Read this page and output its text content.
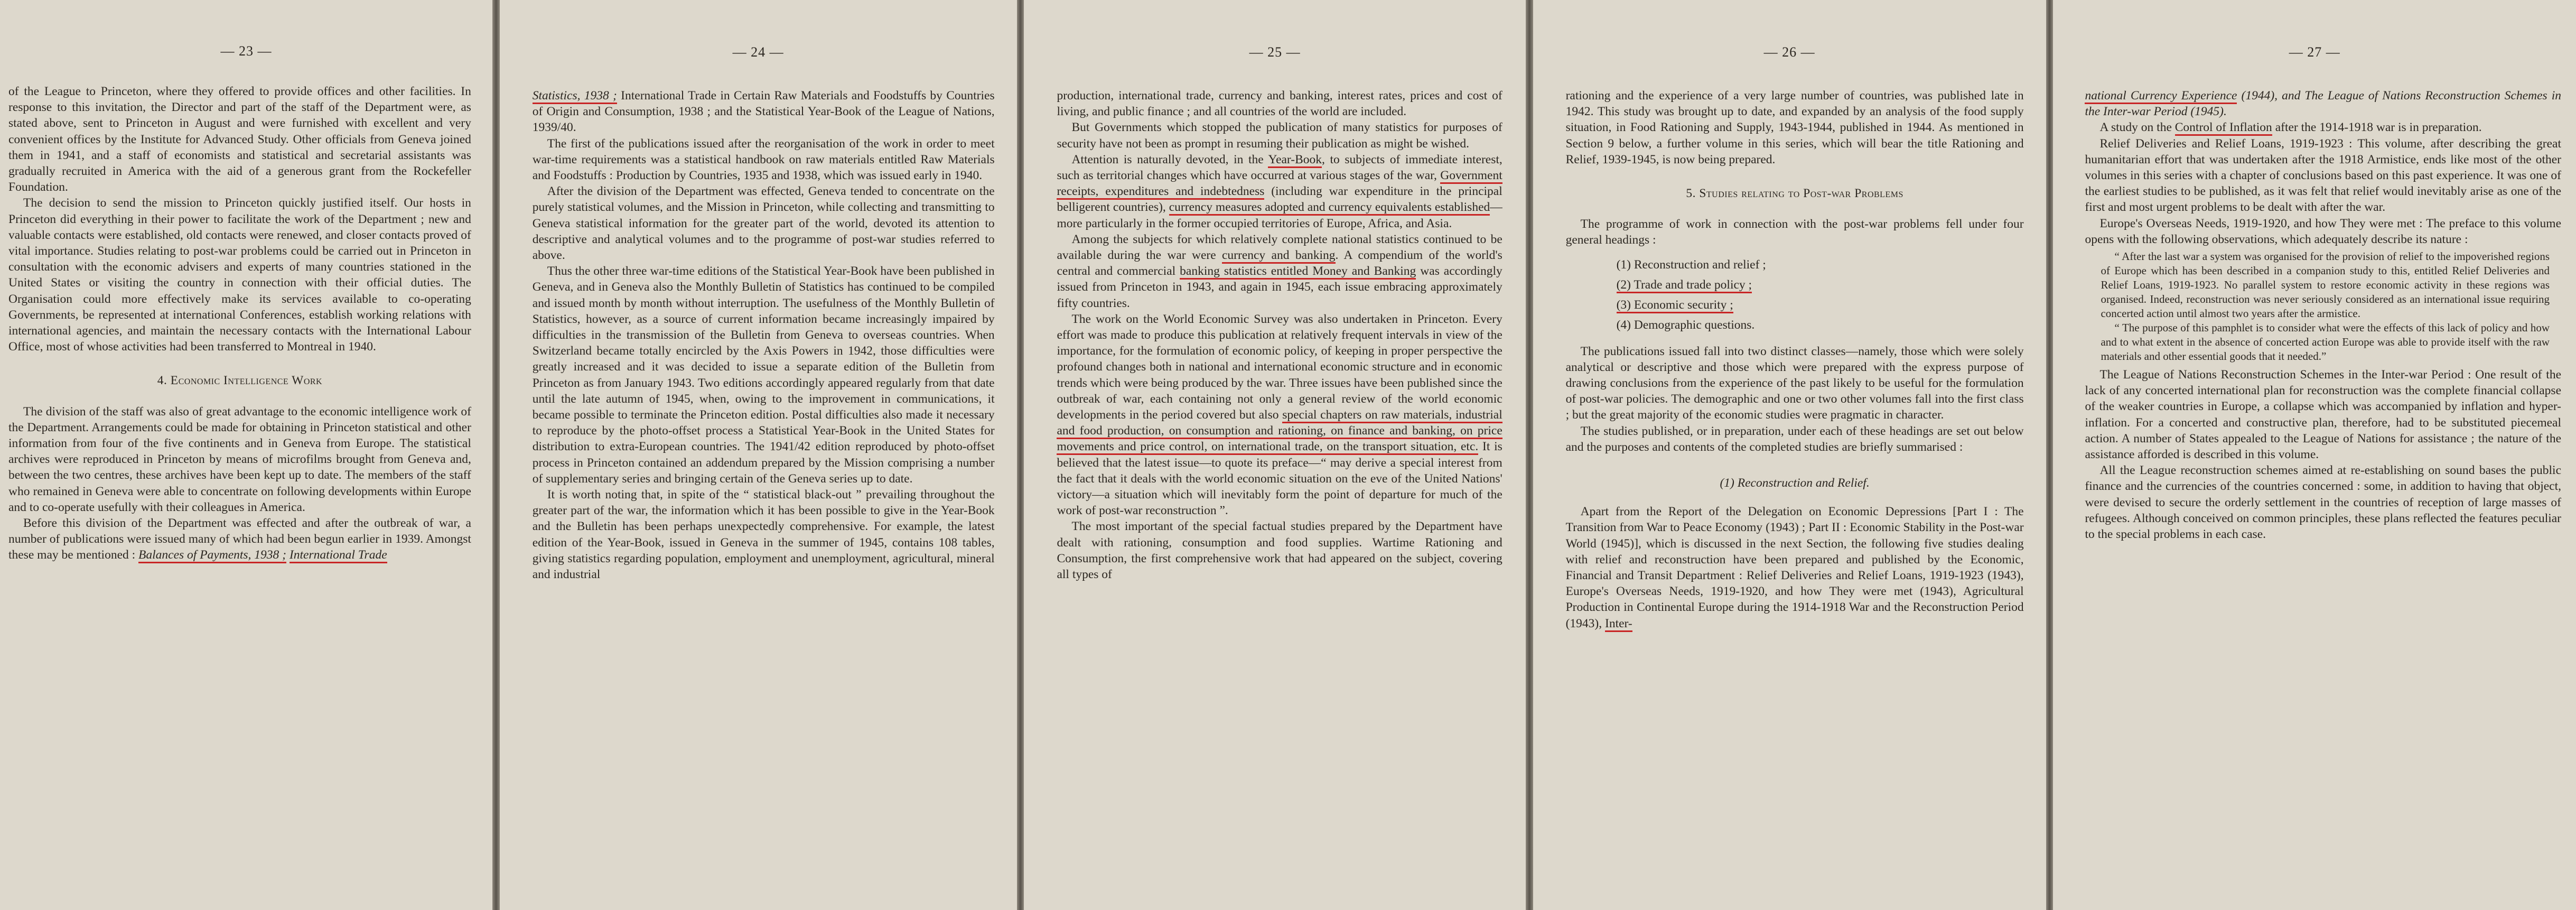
— 23 —

of the League to Princeton, where they offered to provide offices and other facilities. In response to this invitation, the Director and part of the staff of the Department were, as stated above, sent to Princeton in August and were furnished with excellent and very convenient offices by the Institute for Advanced Study. Other officials from Geneva joined them in 1941, and a staff of economists and statistical and secretarial assistants was gradually recruited in America with the aid of a generous grant from the Rockefeller Foundation.

The decision to send the mission to Princeton quickly justified itself. Our hosts in Princeton did everything in their power to facilitate the work of the Department ; new and valuable contacts were established, old contacts were renewed, and closer contacts proved of vital importance. Studies relating to post-war problems could be carried out in Princeton in consultation with the economic advisers and experts of many countries stationed in the United States or visiting the country in connection with their official duties. The Organisation could more effectively make its services available to co-operating Governments, be represented at international Conferences, establish working relations with international agencies, and maintain the necessary contacts with the International Labour Office, most of whose activities had been transferred to Montreal in 1940.

4. Economic Intelligence Work

The division of the staff was also of great advantage to the economic intelligence work of the Department. Arrangements could be made for obtaining in Princeton statistical and other information from four of the five continents and in Geneva from Europe. The statistical archives were reproduced in Princeton by means of microfilms brought from Geneva and, between the two centres, these archives have been kept up to date. The members of the staff who remained in Geneva were able to concentrate on following developments within Europe and to co-operate usefully with their colleagues in America.

Before this division of the Department was effected and after the outbreak of war, a number of publications were issued many of which had been begun earlier in 1939. Amongst these may be mentioned : Balances of Payments, 1938 ; International Trade

— 24 —

Statistics, 1938 ; International Trade in Certain Raw Materials and Foodstuffs by Countries of Origin and Consumption, 1938 ; and the Statistical Year-Book of the League of Nations, 1939/40.

The first of the publications issued after the reorganisation of the work in order to meet war-time requirements was a statistical handbook on raw materials entitled Raw Materials and Foodstuffs : Production by Countries, 1935 and 1938, which was issued early in 1940.

After the division of the Department was effected, Geneva tended to concentrate on the purely statistical volumes, and the Mission in Princeton, while collecting and transmitting to Geneva statistical information for the greater part of the world, devoted its attention to descriptive and analytical volumes and to the programme of post-war studies referred to above.

Thus the other three war-time editions of the Statistical Year-Book have been published in Geneva, and in Geneva also the Monthly Bulletin of Statistics has continued to be compiled and issued month by month without interruption. The usefulness of the Monthly Bulletin of Statistics, however, as a source of current information became increasingly impaired by difficulties in the transmission of the Bulletin from Geneva to overseas countries. When Switzerland became totally encircled by the Axis Powers in 1942, those difficulties were greatly increased and it was decided to issue a separate edition of the Bulletin from Princeton as from January 1943. Two editions accordingly appeared regularly from that date until the late autumn of 1945, when, owing to the improvement in communications, it became possible to terminate the Princeton edition. Postal difficulties also made it necessary to reproduce by the photo-offset process a Statistical Year-Book in the United States for distribution to extra-European countries. The 1941/42 edition reproduced by photo-offset process in Princeton contained an addendum prepared by the Mission comprising a number of supplementary series and bringing certain of the Geneva series up to date.

It is worth noting that, in spite of the “ statistical black-out ” prevailing throughout the greater part of the war, the information which it has been possible to give in the Year-Book and the Bulletin has been perhaps unexpectedly comprehensive. For example, the latest edition of the Year-Book, issued in Geneva in the summer of 1945, contains 108 tables, giving statistics regarding population, employment and unemployment, agricultural, mineral and industrial

— 25 —

production, international trade, currency and banking, interest rates, prices and cost of living, and public finance ; and all countries of the world are included.

But Governments which stopped the publication of many statistics for purposes of security have not been as prompt in resuming their publication as might be wished.

Attention is naturally devoted, in the Year-Book, to subjects of immediate interest, such as territorial changes which have occurred at various stages of the war, Government receipts, expenditures and indebtedness (including war expenditure in the principal belligerent countries), currency measures adopted and currency equivalents established—more particularly in the former occupied territories of Europe, Africa, and Asia.

Among the subjects for which relatively complete national statistics continued to be available during the war were currency and banking. A compendium of the world's central and commercial banking statistics entitled Money and Banking was accordingly issued from Princeton in 1943, and again in 1945, each issue embracing approximately fifty countries.

The work on the World Economic Survey was also undertaken in Princeton. Every effort was made to produce this publication at relatively frequent intervals in view of the importance, for the formulation of economic policy, of keeping in proper perspective the profound changes both in national and international economic structure and in economic trends which were being produced by the war. Three issues have been published since the outbreak of war, each containing not only a general review of the world economic developments in the period covered but also special chapters on raw materials, industrial and food production, on consumption and rationing, on finance and banking, on price movements and price control, on international trade, on the transport situation, etc. It is believed that the latest issue—to quote its preface—“ may derive a special interest from the fact that it deals with the world economic situation on the eve of the United Nations' victory—a situation which will inevitably form the point of departure for much of the work of post-war reconstruction ”.

The most important of the special factual studies prepared by the Department have dealt with rationing, consumption and food supplies. Wartime Rationing and Consumption, the first comprehensive work that had appeared on the subject, covering all types of

— 26 —

rationing and the experience of a very large number of countries, was published late in 1942. This study was brought up to date, and expanded by an analysis of the food supply situation, in Food Rationing and Supply, 1943-1944, published in 1944. As mentioned in Section 9 below, a further volume in this series, which will bear the title Rationing and Relief, 1939-1945, is now being prepared.

5. Studies relating to Post-war Problems

The programme of work in connection with the post-war problems fell under four general headings :

(1) Reconstruction and relief ;
(2) Trade and trade policy ;
(3) Economic security ;
(4) Demographic questions.

The publications issued fall into two distinct classes—namely, those which were solely analytical or descriptive and those which were prepared with the express purpose of drawing conclusions from the experience of the past likely to be useful for the formulation of post-war policies. The demographic and one or two other volumes fall into the first class ; but the great majority of the economic studies were pragmatic in character.

The studies published, or in preparation, under each of these headings are set out below and the purposes and contents of the completed studies are briefly summarised :

(1) Reconstruction and Relief.

Apart from the Report of the Delegation on Economic Depressions [Part I : The Transition from War to Peace Economy (1943) ; Part II : Economic Stability in the Post-war World (1945)], which is discussed in the next Section, the following five studies dealing with relief and reconstruction have been prepared and published by the Economic, Financial and Transit Department : Relief Deliveries and Relief Loans, 1919-1923 (1943), Europe's Overseas Needs, 1919-1920, and how They were met (1943), Agricultural Production in Continental Europe during the 1914-1918 War and the Reconstruction Period (1943), Inter-

— 27 —

national Currency Experience (1944), and The League of Nations Reconstruction Schemes in the Inter-war Period (1945).

A study on the Control of Inflation after the 1914-1918 war is in preparation.

Relief Deliveries and Relief Loans, 1919-1923 : This volume, after describing the great humanitarian effort that was undertaken after the 1918 Armistice, ends like most of the other volumes in this series with a chapter of conclusions based on this past experience. It was one of the earliest studies to be published, as it was felt that relief would inevitably arise as one of the first and most urgent problems to be dealt with after the war.

Europe's Overseas Needs, 1919-1920, and how They were met : The preface to this volume opens with the following observations, which adequately describe its nature :

“ After the last war a system was organised for the provision of relief to the impoverished regions of Europe which has been described in a companion study to this, entitled Relief Deliveries and Relief Loans, 1919-1923. No parallel system to restore economic activity in these regions was organised. Indeed, reconstruction was never seriously considered as an international issue requiring concerted action until almost two years after the armistice.

“ The purpose of this pamphlet is to consider what were the effects of this lack of policy and how and to what extent in the absence of concerted action Europe was able to provide itself with the raw materials and other essential goods that it needed.”

The League of Nations Reconstruction Schemes in the Inter-war Period : One result of the lack of any concerted international plan for reconstruction was the complete financial collapse of the weaker countries in Europe, a collapse which was accompanied by inflation and hyper-inflation. For a concerted and constructive plan, therefore, had to be substituted piecemeal action. A number of States appealed to the League of Nations for assistance ; the nature of the assistance afforded is described in this volume.

All the League reconstruction schemes aimed at re-establishing on sound bases the public finance and the currencies of the countries concerned : some, in addition to having that object, were devised to secure the orderly settlement in the countries of reception of large masses of refugees. Although conceived on common principles, these plans reflected the features peculiar to the special problems in each case.
